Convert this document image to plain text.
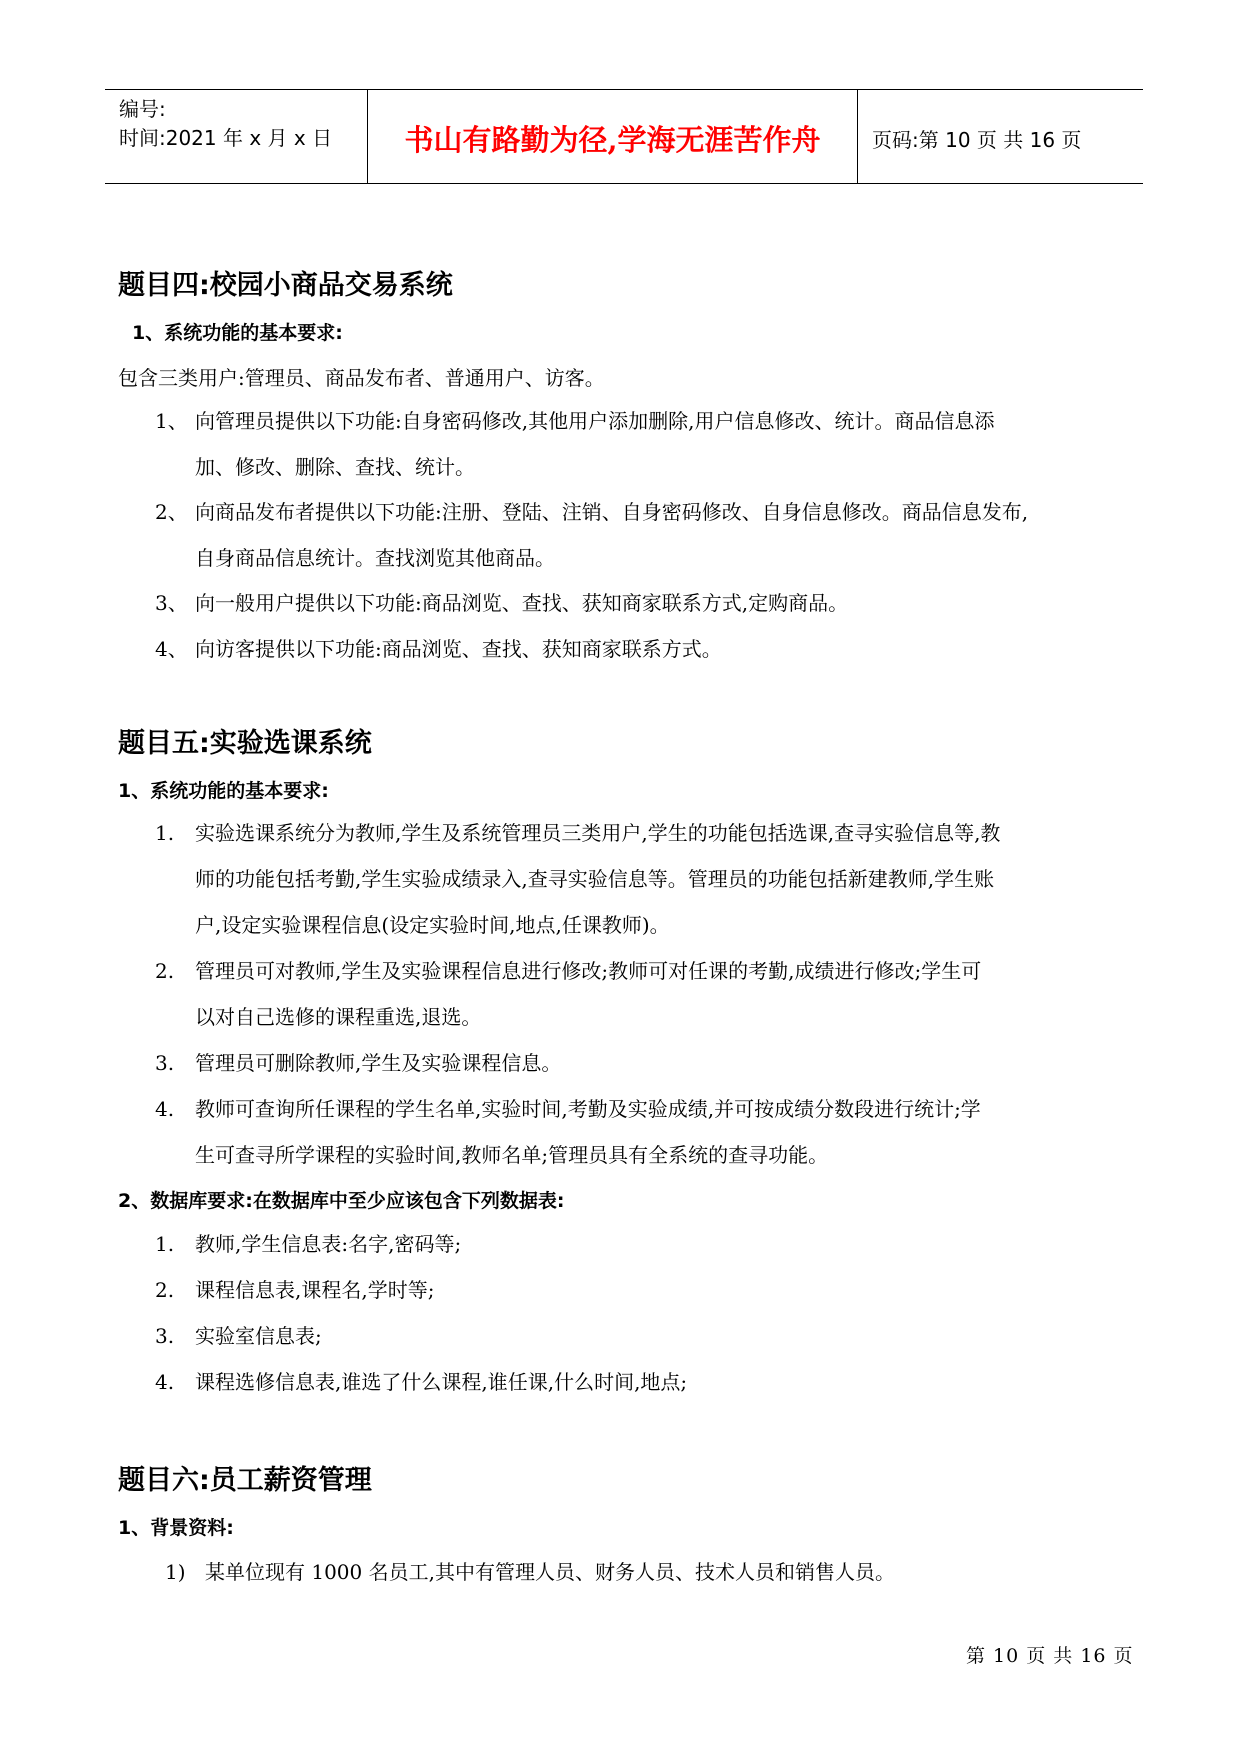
编号:
时间:2021 年 x 月 x 日	书山有路勤为径,学海无涯苦作舟	页码:第 10 页 共 16 页
题目四:校园小商品交易系统
1、系统功能的基本要求:
包含三类用户:管理员、商品发布者、普通用户、访客。
1、 向管理员提供以下功能:自身密码修改,其他用户添加删除,用户信息修改、统计。商品信息添
加、修改、删除、查找、统计。
2、 向商品发布者提供以下功能:注册、登陆、注销、自身密码修改、自身信息修改。商品信息发布,
自身商品信息统计。查找浏览其他商品。
3、 向一般用户提供以下功能:商品浏览、查找、获知商家联系方式,定购商品。
4、 向访客提供以下功能:商品浏览、查找、获知商家联系方式。
题目五:实验选课系统
1、系统功能的基本要求:
1. 实验选课系统分为教师,学生及系统管理员三类用户,学生的功能包括选课,查寻实验信息等,教
师的功能包括考勤,学生实验成绩录入,查寻实验信息等。管理员的功能包括新建教师,学生账
户,设定实验课程信息(设定实验时间,地点,任课教师)。
2. 管理员可对教师,学生及实验课程信息进行修改;教师可对任课的考勤,成绩进行修改;学生可
以对自己选修的课程重选,退选。
3. 管理员可删除教师,学生及实验课程信息。
4. 教师可查询所任课程的学生名单,实验时间,考勤及实验成绩,并可按成绩分数段进行统计;学
生可查寻所学课程的实验时间,教师名单;管理员具有全系统的查寻功能。
2、数据库要求:在数据库中至少应该包含下列数据表:
1. 教师,学生信息表:名字,密码等;
2. 课程信息表,课程名,学时等;
3. 实验室信息表;
4. 课程选修信息表,谁选了什么课程,谁任课,什么时间,地点;
题目六:员工薪资管理
1、背景资料:
1) 某单位现有 1000 名员工,其中有管理人员、财务人员、技术人员和销售人员。
第 10 页 共 16 页
